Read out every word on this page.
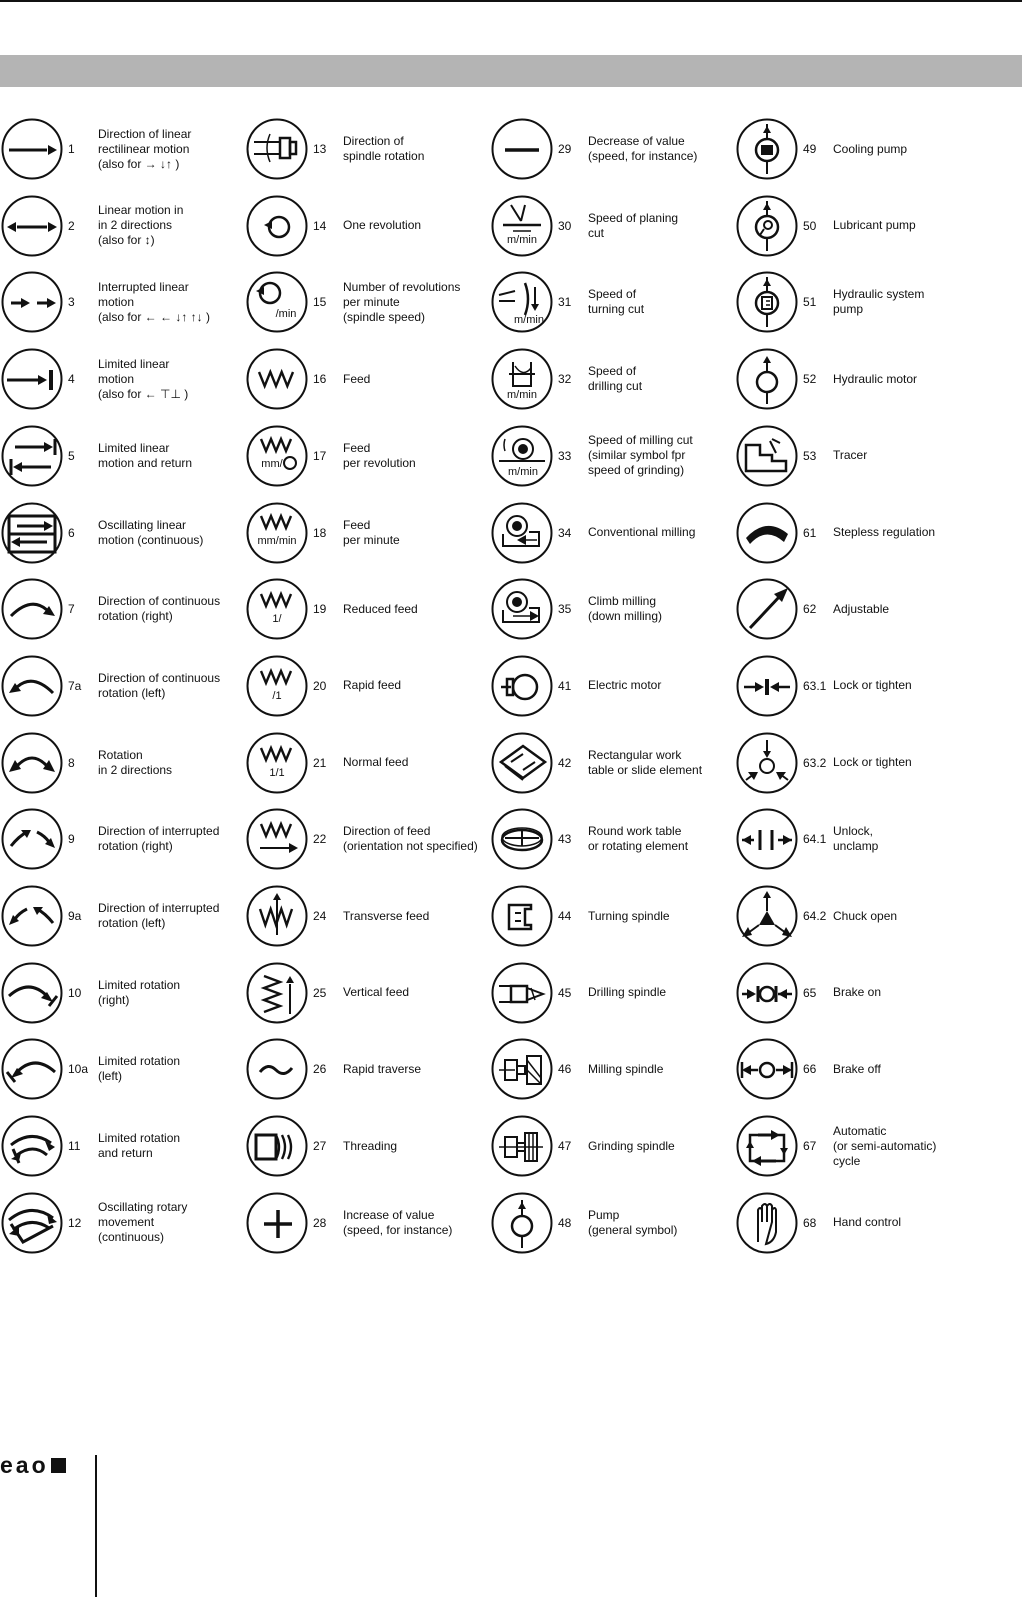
1
Direction of linear
rectilinear motion
(also for → ↓↑ )
2
Linear motion in
in 2 directions
(also for ↕)
3
Interrupted linear
motion
(also for ← ← ↓↑ ↑↓ )
4
Limited linear
motion
(also for ← ⊤⊥ )
5
Limited linear
motion and return
6
Oscillating linear
motion (continuous)
7
Direction of continuous
rotation (right)
7a
Direction of continuous
rotation (left)
8
Rotation
in 2 directions
9
Direction of interrupted
rotation (right)
9a
Direction of interrupted
rotation (left)
10
Limited rotation
(right)
10a
Limited rotation
(left)
11
Limited rotation
and return
12
Oscillating rotary
movement
(continuous)
13
Direction of
spindle rotation
14 One revolution
/min
15
Number of revolutions
per minute
(spindle speed)
16 Feed
mm/
17
Feed
per revolution
mm/min
18
Feed
per minute
1/
19 Reduced feed
/1
20 Rapid feed
1/1
21 Normal feed
22
Direction of feed
(orientation not specified)
24 Transverse feed
25 Vertical feed
26 Rapid traverse
27 Threading
28
Increase of value
(speed, for instance)
29
Decrease of value
(speed, for instance)
m/min
30
Speed of planing
cut
m/min
31
Speed of
turning cut
m/min
32
Speed of
drilling cut
m/min
33
Speed of milling cut
(similar symbol fpr
speed of grinding)
34 Conventional milling
35
Climb milling
(down milling)
41 Electric motor
42
Rectangular work
table or slide element
43
Round work table
or rotating element
44 Turning spindle
45 Drilling spindle
46 Milling spindle
47 Grinding spindle
48
Pump
(general symbol)
49 Cooling pump
50 Lubricant pump
51
Hydraulic system
pump
52 Hydraulic motor
53 Tracer
61 Stepless regulation
62 Adjustable
63.1 Lock or tighten
63.2 Lock or tighten
64.1
Unlock,
unclamp
64.2 Chuck open
65 Brake on
66 Brake off
67
Automatic
(or semi-automatic)
cycle
68 Hand control
eao
